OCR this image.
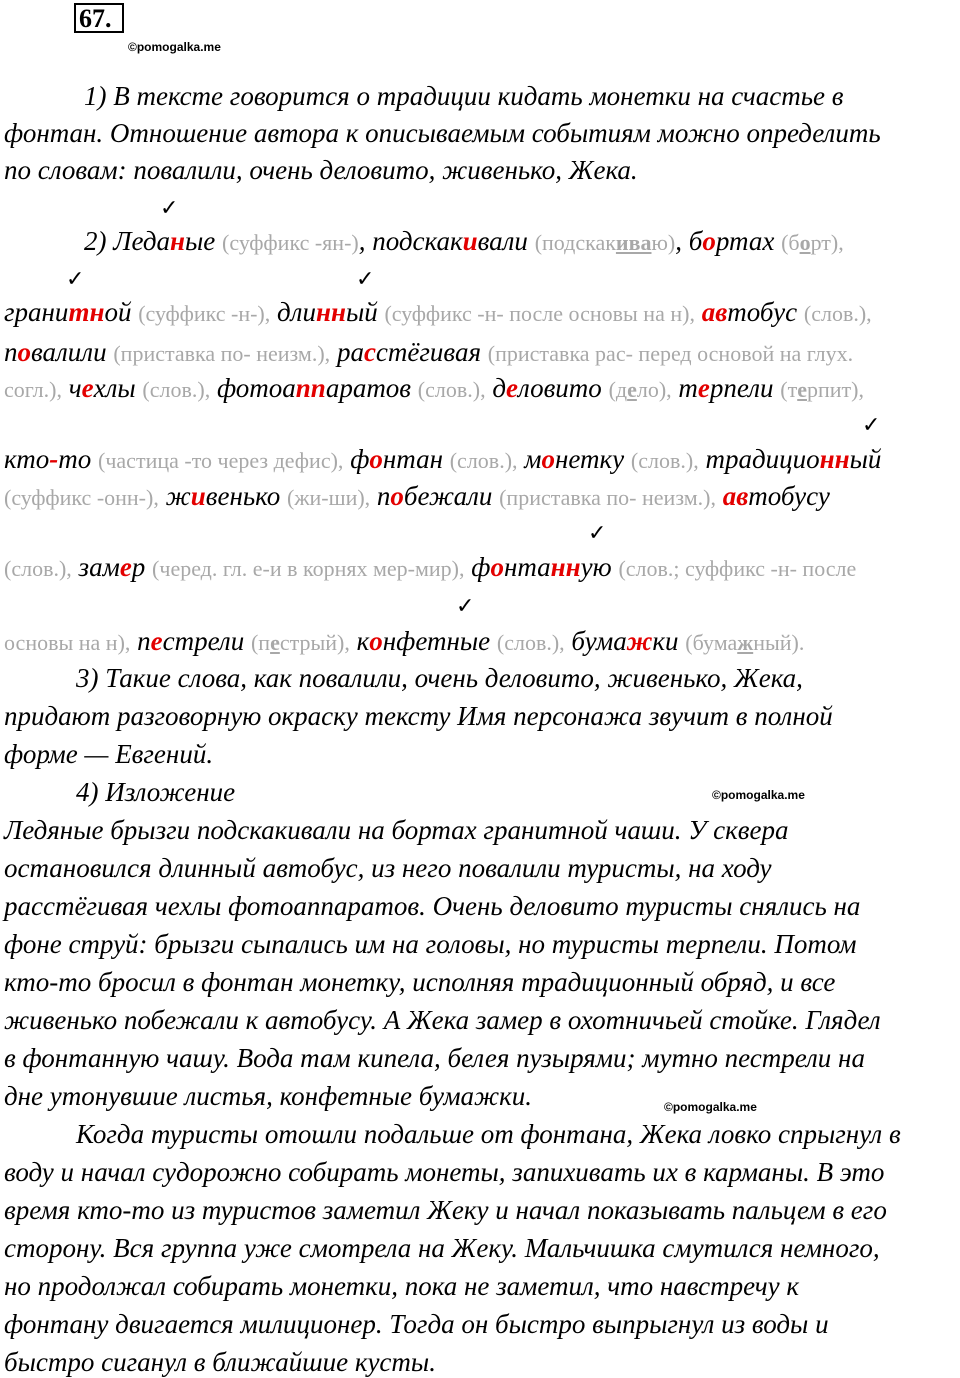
67.
©pomogalka.me
1) В тексте говорится о традиции кидать монетки на счастье в
фонтан. Отношение автора к описываемым событиям можно определить
по словам: повалили, очень деловито, живенько, Жека.
✓
✓	✓
✓
✓
✓
2) Леданые (суффикс -ян-), подскакивали (подскакиваю), бортах (борт),
гранитной (суффикс -н-), длинный (суффикс -н- после основы на н), автобус (слов.),
повалили (приставка по- неизм.), расстёгивая (приставка рас- перед основой на глух.
согл.), чехлы (слов.), фотоаппаратов (слов.), деловито (дело), терпели (терпит),
кто-то (частица -то через дефис), фонтан (слов.), монетку (слов.), традиционный
(суффикс -онн-), живенько (жи-ши), побежали (приставка по- неизм.), автобусу
(слов.), замер (черед. гл. е-и в корнях мер-мир), фонтанную (слов.; суффикс -н- после
основы на н), пестрели (пестрый), конфетные (слов.), бумажки (бумажный).
3) Такие слова, как повалили, очень деловито, живенько, Жека,
придают разговорную окраску тексту Имя персонажа звучит в полной
форме — Евгений.
4) Изложение	©pomogalka.me
Ледяные брызги подскакивали на бортах гранитной чаши. У сквера
остановился длинный автобус, из него повалили туристы, на ходу
расстёгивая чехлы фотоаппаратов. Очень деловито туристы снялись на
фоне струй: брызги сыпались им на головы, но туристы терпели. Потом
кто-то бросил в фонтан монетку, исполняя традиционный обряд, и все
живенько побежали к автобусу. А Жека замер в охотничьей стойке. Глядел
в фонтанную чашу. Вода там кипела, белея пузырями; мутно пестрели на
дне утонувшие листья, конфетные бумажки.	©pomogalka.me
Когда туристы отошли подальше от фонтана, Жека ловко спрыгнул в
воду и начал судорожно собирать монеты, запихивать их в карманы. В это
время кто-то из туристов заметил Жеку и начал показывать пальцем в его
сторону. Вся группа уже смотрела на Жеку. Мальчишка смутился немного,
но продолжал собирать монетки, пока не заметил, что навстречу к
фонтану двигается милиционер. Тогда он быстро выпрыгнул из воды и
быстро сиганул в ближайшие кусты.
